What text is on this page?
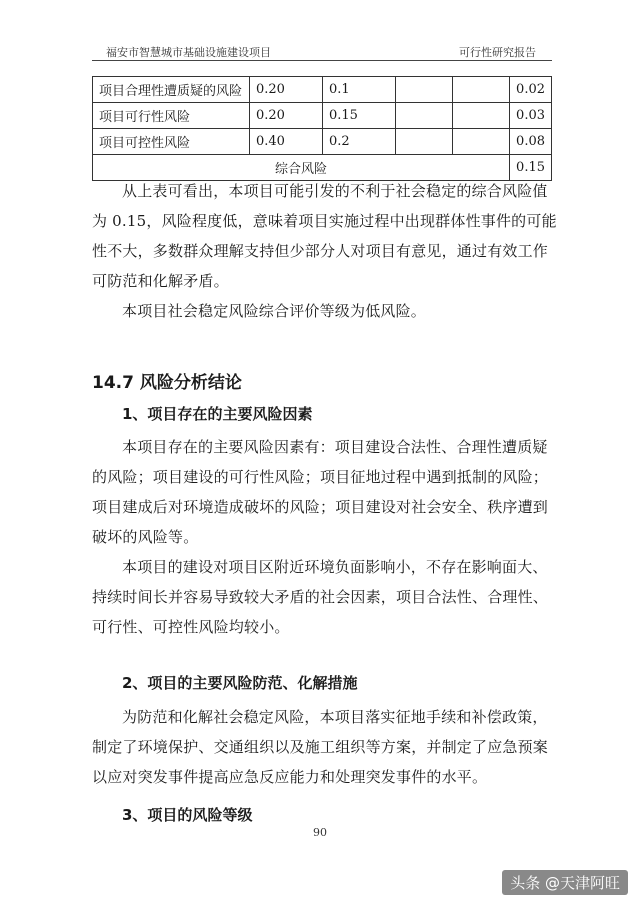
福安市智慧城市基础设施建设项目	可行性研究报告
项目合理性遭质疑的风险	0.20	0.1			0.02
项目可行性风险	0.20	0.15			0.03
项目可控性风险	0.40	0.2			0.08
综合风险					0.15

从上表可看出，本项目可能引发的不利于社会稳定的综合风险值为 0.15，风险程度低，意味着项目实施过程中出现群体性事件的可能性不大，多数群众理解支持但少部分人对项目有意见，通过有效工作可防范和化解矛盾。

本项目社会稳定风险综合评价等级为低风险。

14.7 风险分析结论
1、项目存在的主要风险因素

本项目存在的主要风险因素有：项目建设合法性、合理性遭质疑的风险；项目建设的可行性风险；项目征地过程中遇到抵制的风险；项目建成后对环境造成破坏的风险；项目建设对社会安全、秩序遭到破坏的风险等。

本项目的建设对项目区附近环境负面影响小，不存在影响面大、持续时间长并容易导致较大矛盾的社会因素，项目合法性、合理性、可行性、可控性风险均较小。

2、项目的主要风险防范、化解措施

为防范和化解社会稳定风险，本项目落实征地手续和补偿政策，制定了环境保护、交通组织以及施工组织等方案，并制定了应急预案以应对突发事件提高应急反应能力和处理突发事件的水平。

3、项目的风险等级
90
头条 @天津阿旺
